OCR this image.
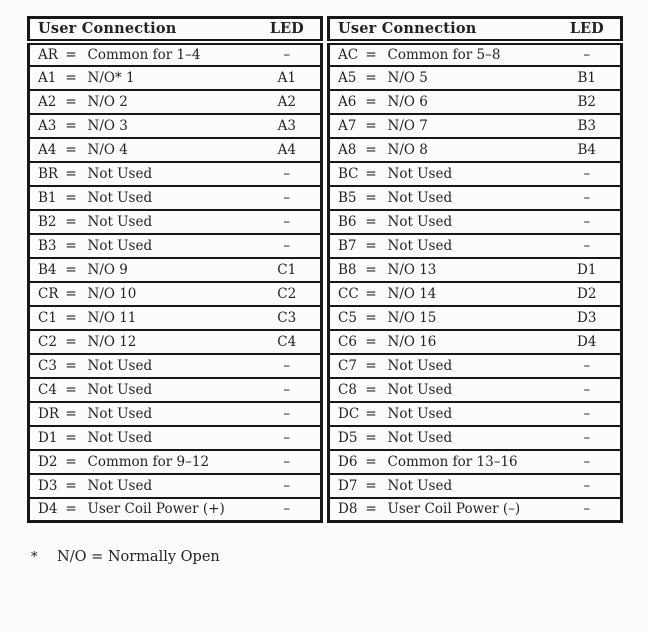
User Connection			LED
AR	=	Common for 1–4	–
A1	=	N/O* 1	A1
A2	=	N/O 2	A2
A3	=	N/O 3	A3
A4	=	N/O 4	A4
BR	=	Not Used	–
B1	=	Not Used	–
B2	=	Not Used	–
B3	=	Not Used	–
B4	=	N/O 9	C1
CR	=	N/O 10	C2
C1	=	N/O 11	C3
C2	=	N/O 12	C4
C3	=	Not Used	–
C4	=	Not Used	–
DR	=	Not Used	–
D1	=	Not Used	–
D2	=	Common for 9–12	–
D3	=	Not Used	–
D4	=	User Coil Power (+)	–
User Connection			LED
AC	=	Common for 5–8	–
A5	=	N/O 5	B1
A6	=	N/O 6	B2
A7	=	N/O 7	B3
A8	=	N/O 8	B4
BC	=	Not Used	–
B5	=	Not Used	–
B6	=	Not Used	–
B7	=	Not Used	–
B8	=	N/O 13	D1
CC	=	N/O 14	D2
C5	=	N/O 15	D3
C6	=	N/O 16	D4
C7	=	Not Used	–
C8	=	Not Used	–
DC	=	Not Used	–
D5	=	Not Used	–
D6	=	Common for 13–16	–
D7	=	Not Used	–
D8	=	User Coil Power (–)	–
*	N/O = Normally Open
